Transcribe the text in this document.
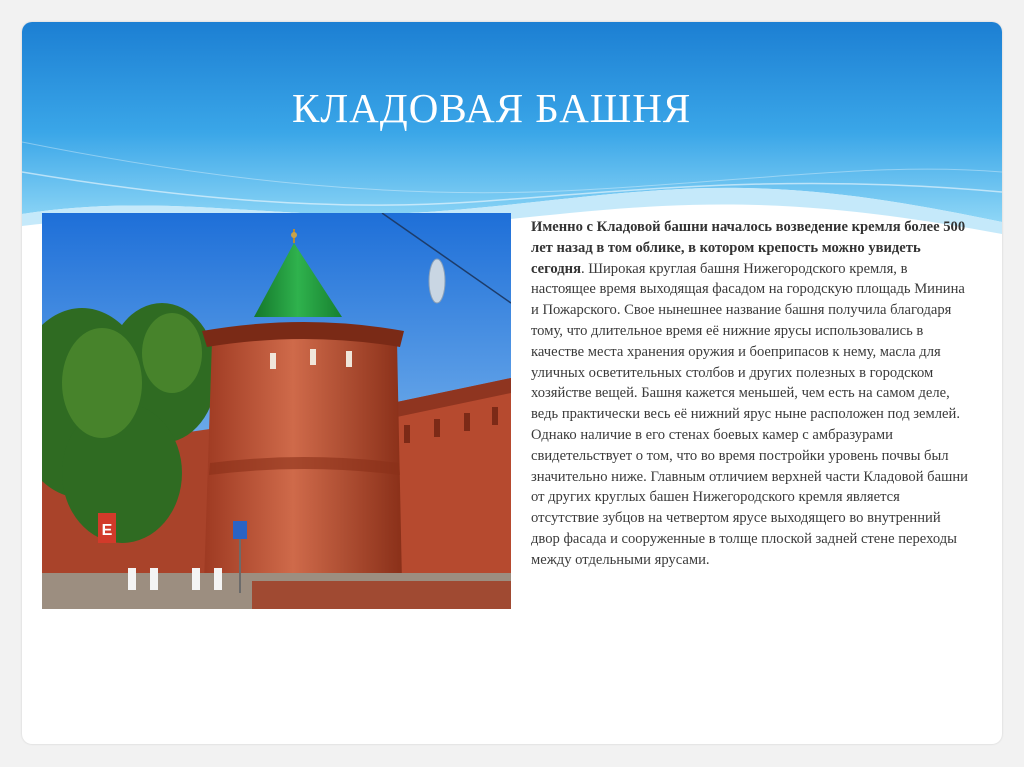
КЛАДОВАЯ БАШНЯ
Е

Именно с Кладовой башни началось возведение кремля более 500 лет назад в том облике, в котором крепость можно увидеть сегодня. Широкая круглая башня Нижегородского кремля, в настоящее время выходящая фасадом на городскую площадь Минина и Пожарского. Свое нынешнее название башня получила благодаря тому, что длительное время её нижние ярусы использовались в качестве места хранения оружия и боеприпасов к нему, масла для уличных осветительных столбов и других полезных в городском хозяйстве вещей. Башня кажется меньшей, чем есть на самом деле, ведь практически весь её нижний ярус ныне расположен под землей. Однако наличие в его стенах боевых камер с амбразурами свидетельствует о том, что во время постройки уровень почвы был значительно ниже. Главным отличием верхней части Кладовой башни от других круглых башен Нижегородского кремля является отсутствие зубцов на четвертом ярусе выходящего во внутренний двор фасада и сооруженные в толще плоской задней стене переходы между отдельными ярусами.
